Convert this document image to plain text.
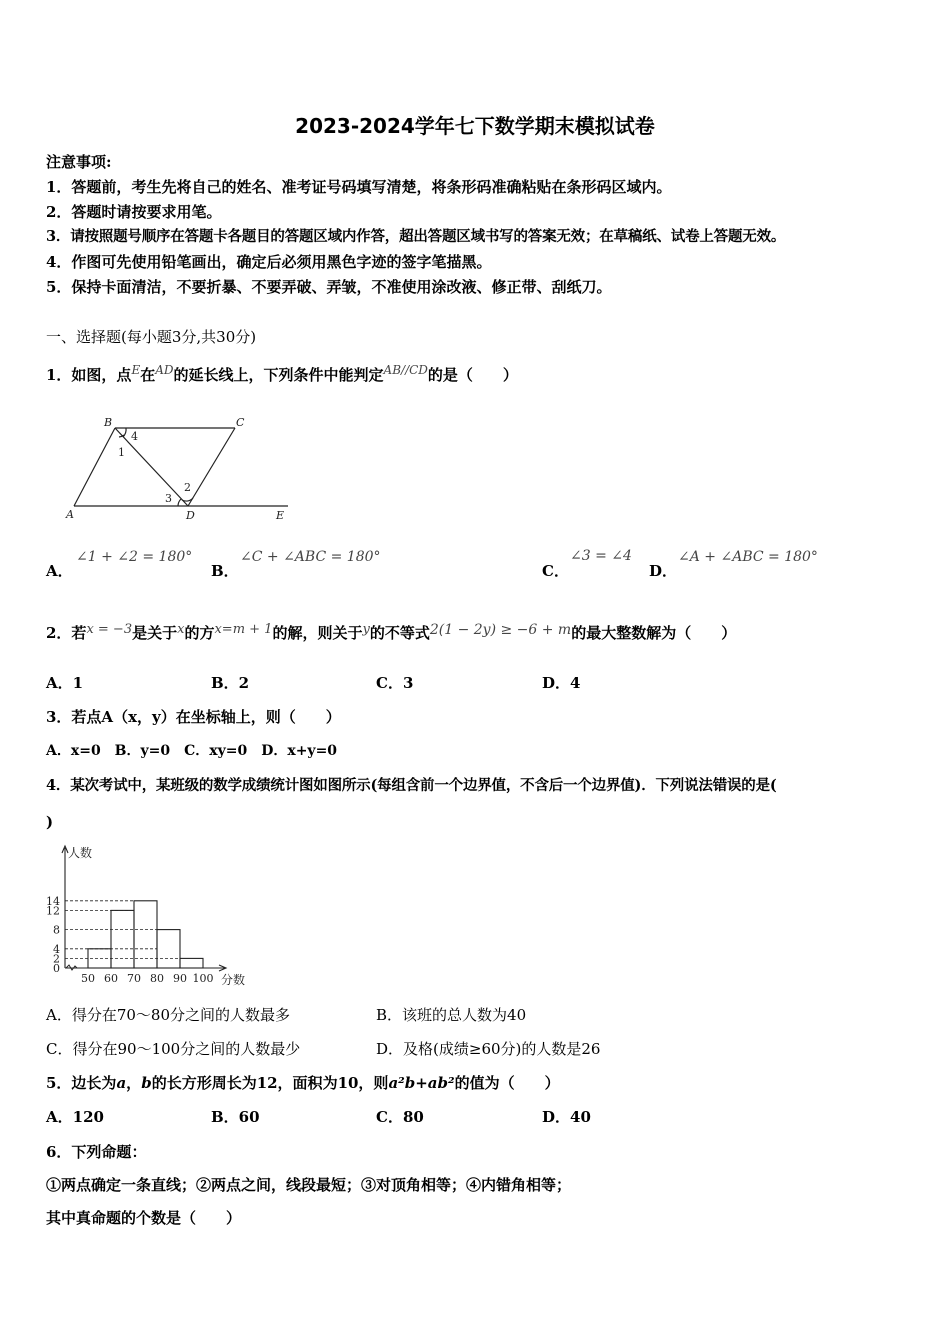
2023-2024学年七下数学期末模拟试卷
注意事项:
1．答题前，考生先将自己的姓名、准考证号码填写清楚，将条形码准确粘贴在条形码区域内。
2．答题时请按要求用笔。
3．请按照题号顺序在答题卡各题目的答题区域内作答，超出答题区域书写的答案无效；在草稿纸、试卷上答题无效。
4．作图可先使用铅笔画出，确定后必须用黑色字迹的签字笔描黑。
5．保持卡面清洁，不要折暴、不要弄破、弄皱，不准使用涂改液、修正带、刮纸刀。
一、选择题(每小题3分,共30分)
1．如图，点$^E$在$^{AD}$的延长线上，下列条件中能判定$^{AB//CD}$的是（　　）
B	C
A	D	E
4
1
2
3
A．
∠1 + ∠2 = 180°
B．
∠C + ∠ABC = 180°
C．
∠3 = ∠4
D．
∠A + ∠ABC = 180°
2．若x = −3是关于x的方x=m + 1的解，则关于y的不等式2(1 − 2y) ≥ −6 + m的最大整数解为（　　）
A．1	B．2	C．3	D．4
3．若点A（x，y）在坐标轴上，则（　　）
A．x=0　B．y=0　C．xy=0　D．x+y=0
4．某次考试中，某班级的数学成绩统计图如图所示(每组含前一个边界值，不含后一个边界值)．下列说法错误的是(
)
0
2
4
8
12
14
50 60 70 80 90 100
人数
分数
A．得分在70～80分之间的人数最多	B．该班的总人数为40
C．得分在90～100分之间的人数最少	D．及格(成绩≥60分)的人数是26
5．边长为a，b的长方形周长为12，面积为10，则a²b+ab²的值为（　　）
A．120	B．60	C．80	D．40
6．下列命题：
①两点确定一条直线；②两点之间，线段最短；③对顶角相等；④内错角相等；
其中真命题的个数是（　　）
